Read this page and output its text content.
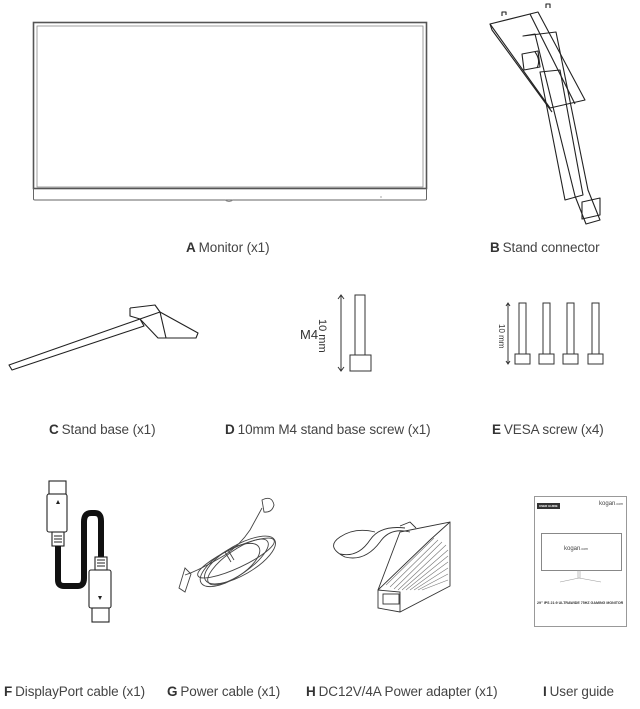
A Monitor (x1)	B Stand connector
C Stand base (x1)
M4
10 mm
D 10mm M4 stand base screw (x1)
10 mm
E VESA screw (x4)
F DisplayPort cable (x1) G Power cable (x1) H DC12V/4A Power adapter (x1)
USER GUIDE	kogan.com
kogan.com
29" IPS 21:9 ULTRAWIDE 75HZ GAMING MONITOR
I User guide
